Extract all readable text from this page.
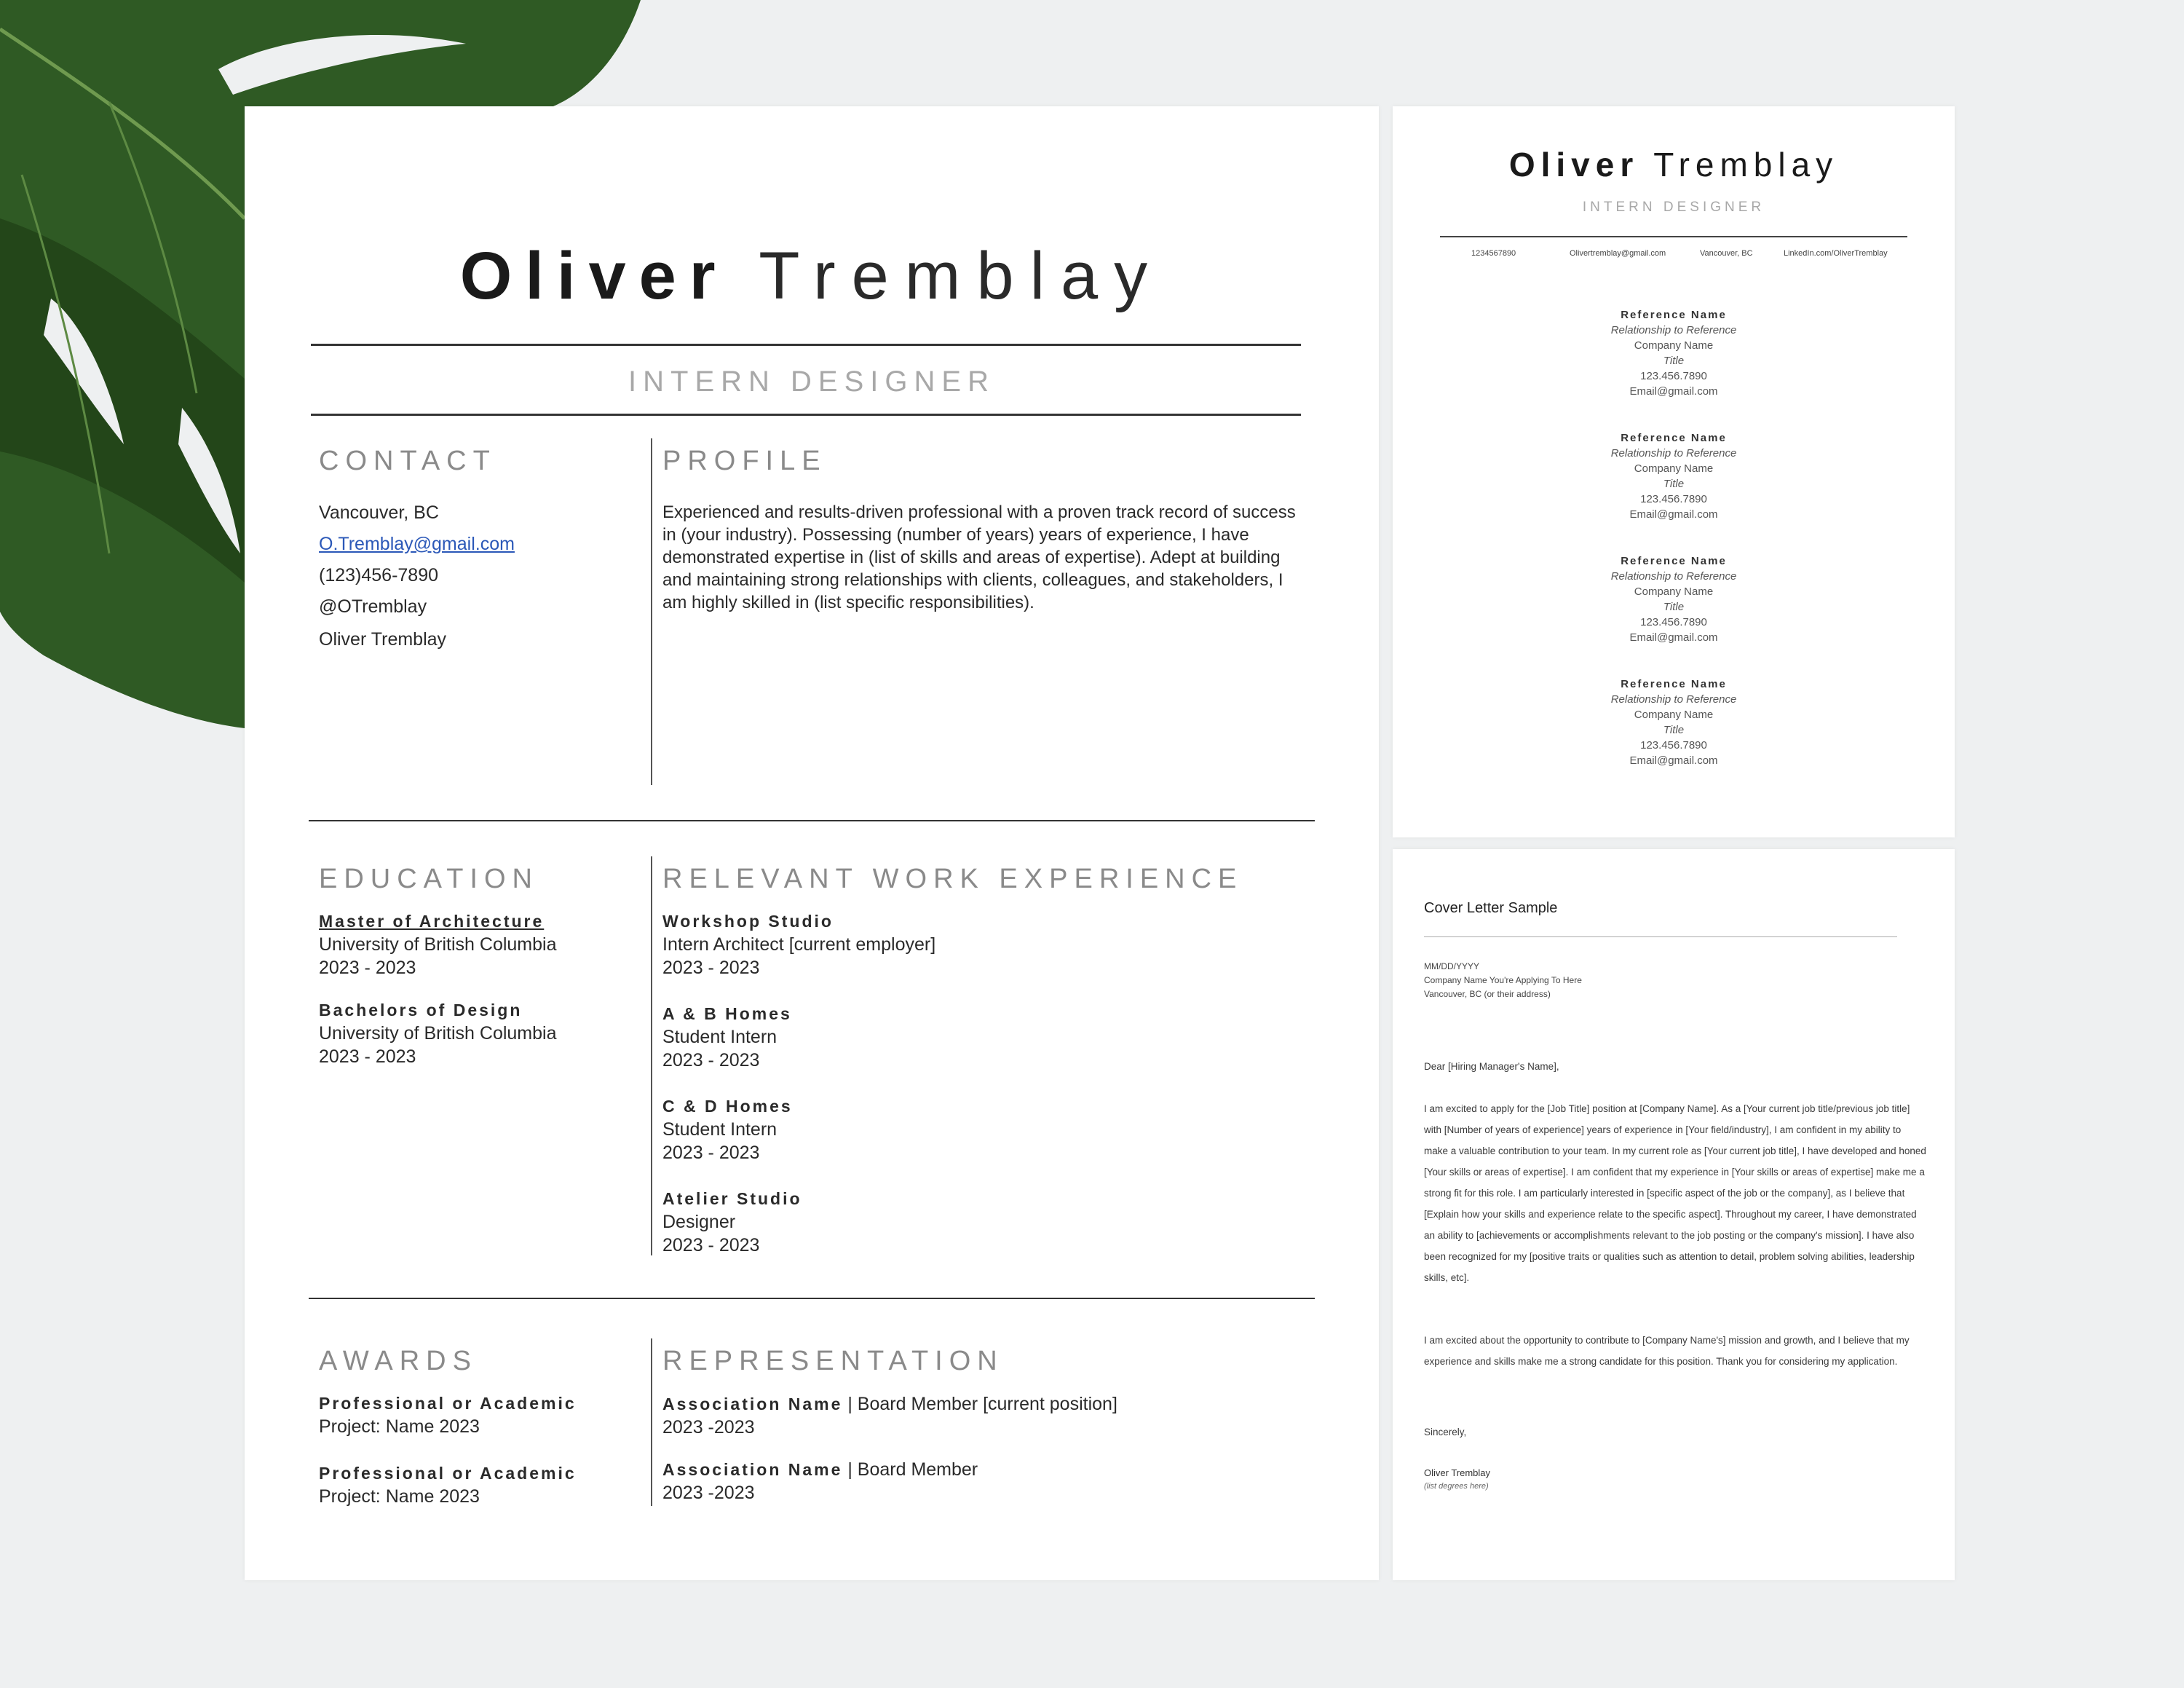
Oliver Tremblay
INTERN DESIGNER
CONTACT
Vancouver, BC
O.Tremblay@gmail.com
(123)456-7890
@OTremblay
Oliver Tremblay
PROFILE
Experienced and results-driven professional with a proven track record of success in (your industry). Possessing (number of years) years of experience, I have demonstrated expertise in (list of skills and areas of expertise). Adept at building and maintaining strong relationships with clients, colleagues, and stakeholders, I am highly skilled in (list specific responsibilities).
EDUCATION
Master of Architecture
University of British Columbia
2023 - 2023
Bachelors of Design
University of British Columbia
2023 - 2023
RELEVANT WORK EXPERIENCE
Workshop Studio
Intern Architect [current employer]
2023 - 2023
A & B Homes
Student Intern
2023 - 2023
C & D Homes
Student Intern
2023 - 2023
Atelier Studio
Designer
2023 - 2023
AWARDS
Professional or Academic
Project: Name 2023
Professional or Academic
Project: Name 2023
REPRESENTATION
Association Name | Board Member [current position]
2023 -2023
Association Name | Board Member
2023 -2023
Oliver Tremblay
INTERN DESIGNER
1234567890	Olivertremblay@gmail.com	Vancouver, BC	LinkedIn.com/OliverTremblay
Reference Name
Relationship to Reference
Company Name
Title
123.456.7890
Email@gmail.com
Reference Name
Relationship to Reference
Company Name
Title
123.456.7890
Email@gmail.com
Reference Name
Relationship to Reference
Company Name
Title
123.456.7890
Email@gmail.com
Reference Name
Relationship to Reference
Company Name
Title
123.456.7890
Email@gmail.com
Cover Letter Sample
MM/DD/YYYY
Company Name You're Applying To Here
Vancouver, BC (or their address)
Dear [Hiring Manager's Name],
I am excited to apply for the [Job Title] position at [Company Name]. As a [Your current job title/previous job title] with [Number of years of experience] years of experience in [Your field/industry], I am confident in my ability to make a valuable contribution to your team. In my current role as [Your current job title], I have developed and honed [Your skills or areas of expertise]. I am confident that my experience in [Your skills or areas of expertise] make me a strong fit for this role. I am particularly interested in [specific aspect of the job or the company], as I believe that [Explain how your skills and experience relate to the specific aspect]. Throughout my career, I have demonstrated an ability to [achievements or accomplishments relevant to the job posting or the company's mission]. I have also been recognized for my [positive traits or qualities such as attention to detail, problem solving abilities, leadership skills, etc].
I am excited about the opportunity to contribute to [Company Name's] mission and growth, and I believe that my experience and skills make me a strong candidate for this position. Thank you for considering my application.
Sincerely,
Oliver Tremblay
(list degrees here)
